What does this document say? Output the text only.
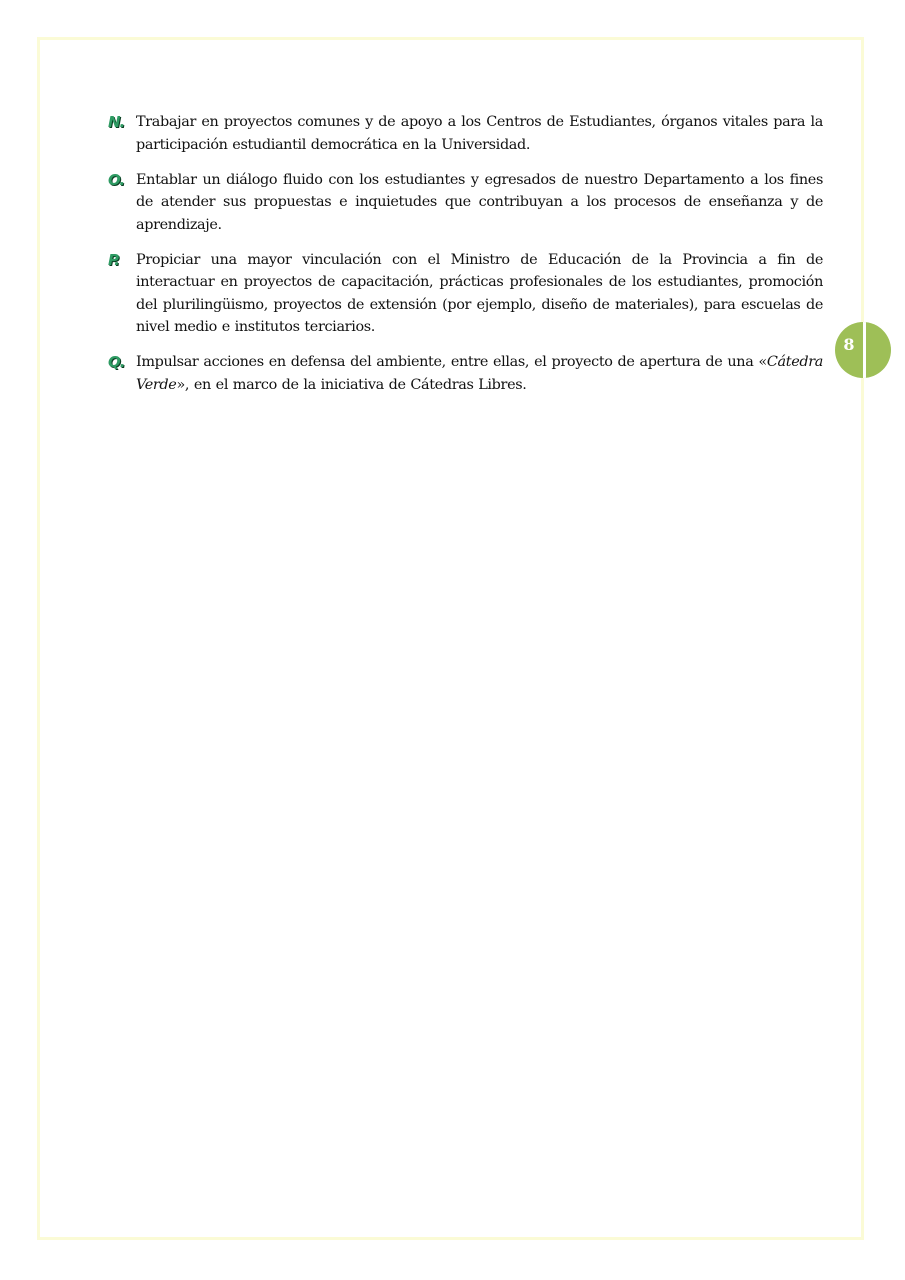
8
N. Trabajar en proyectos comunes y de apoyo a los Centros de Estudiantes, órganos vitales para la participación estudiantil democrática en la Universidad.
O. Entablar un diálogo fluido con los estudiantes y egresados de nuestro Departamento a los fines de atender sus propuestas e inquietudes que contribuyan a los procesos de enseñanza y de aprendizaje.
P.	Propiciar una mayor vinculación con el Ministro de Educación de la Provincia a fin de interactuar en proyectos de capacitación, prácticas profesionales de los estudiantes, promoción del plurilingüismo, proyectos de extensión (por ejemplo, diseño de materiales), para escuelas de nivel medio e institutos terciarios.
Q. Impulsar acciones en defensa del ambiente, entre ellas, el proyecto de apertura de una «Cátedra Verde», en el marco de la iniciativa de Cátedras Libres.
